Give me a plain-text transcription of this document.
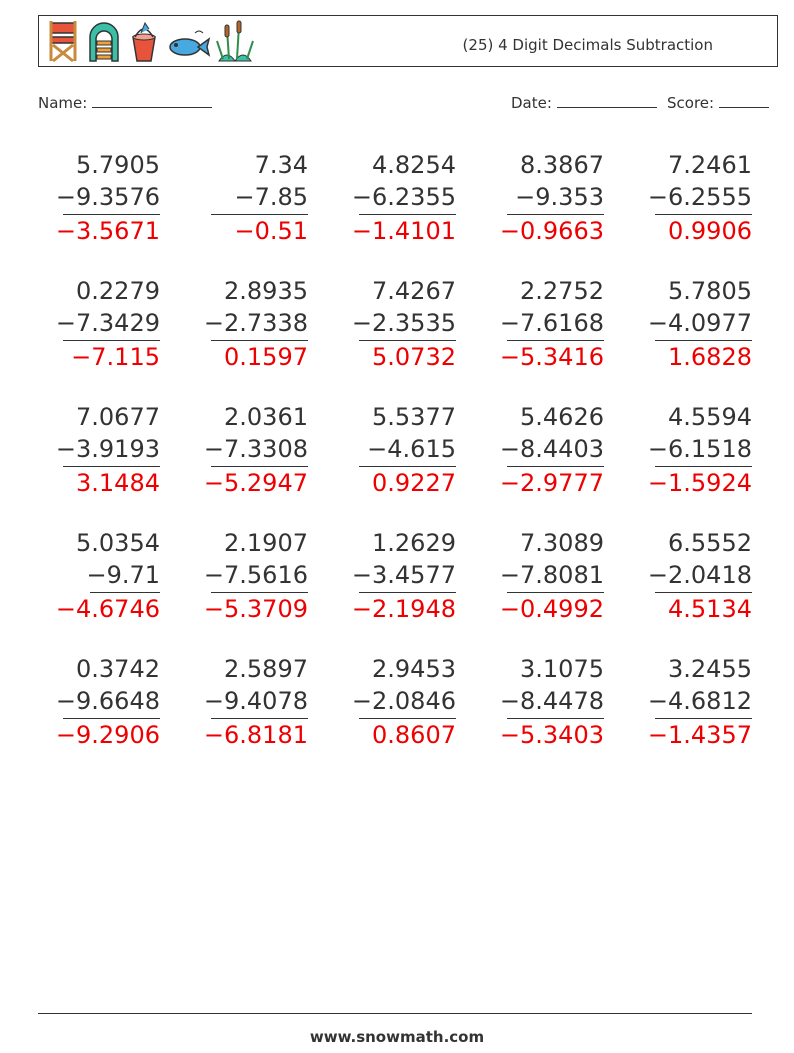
(25) 4 Digit Decimals Subtraction
Name:	Date:	Score:
5.7905
−9.3576
−3.5671
7.34
−7.85
−0.51
4.8254
−6.2355
−1.4101
8.3867
−9.353
−0.9663
7.2461
−6.2555
0.9906
0.2279
−7.3429
−7.115
2.8935
−2.7338
0.1597
7.4267
−2.3535
5.0732
2.2752
−7.6168
−5.3416
5.7805
−4.0977
1.6828
7.0677
−3.9193
3.1484
2.0361
−7.3308
−5.2947
5.5377
−4.615
0.9227
5.4626
−8.4403
−2.9777
4.5594
−6.1518
−1.5924
5.0354
−9.71
−4.6746
2.1907
−7.5616
−5.3709
1.2629
−3.4577
−2.1948
7.3089
−7.8081
−0.4992
6.5552
−2.0418
4.5134
0.3742
−9.6648
−9.2906
2.5897
−9.4078
−6.8181
2.9453
−2.0846
0.8607
3.1075
−8.4478
−5.3403
3.2455
−4.6812
−1.4357
www.snowmath.com
